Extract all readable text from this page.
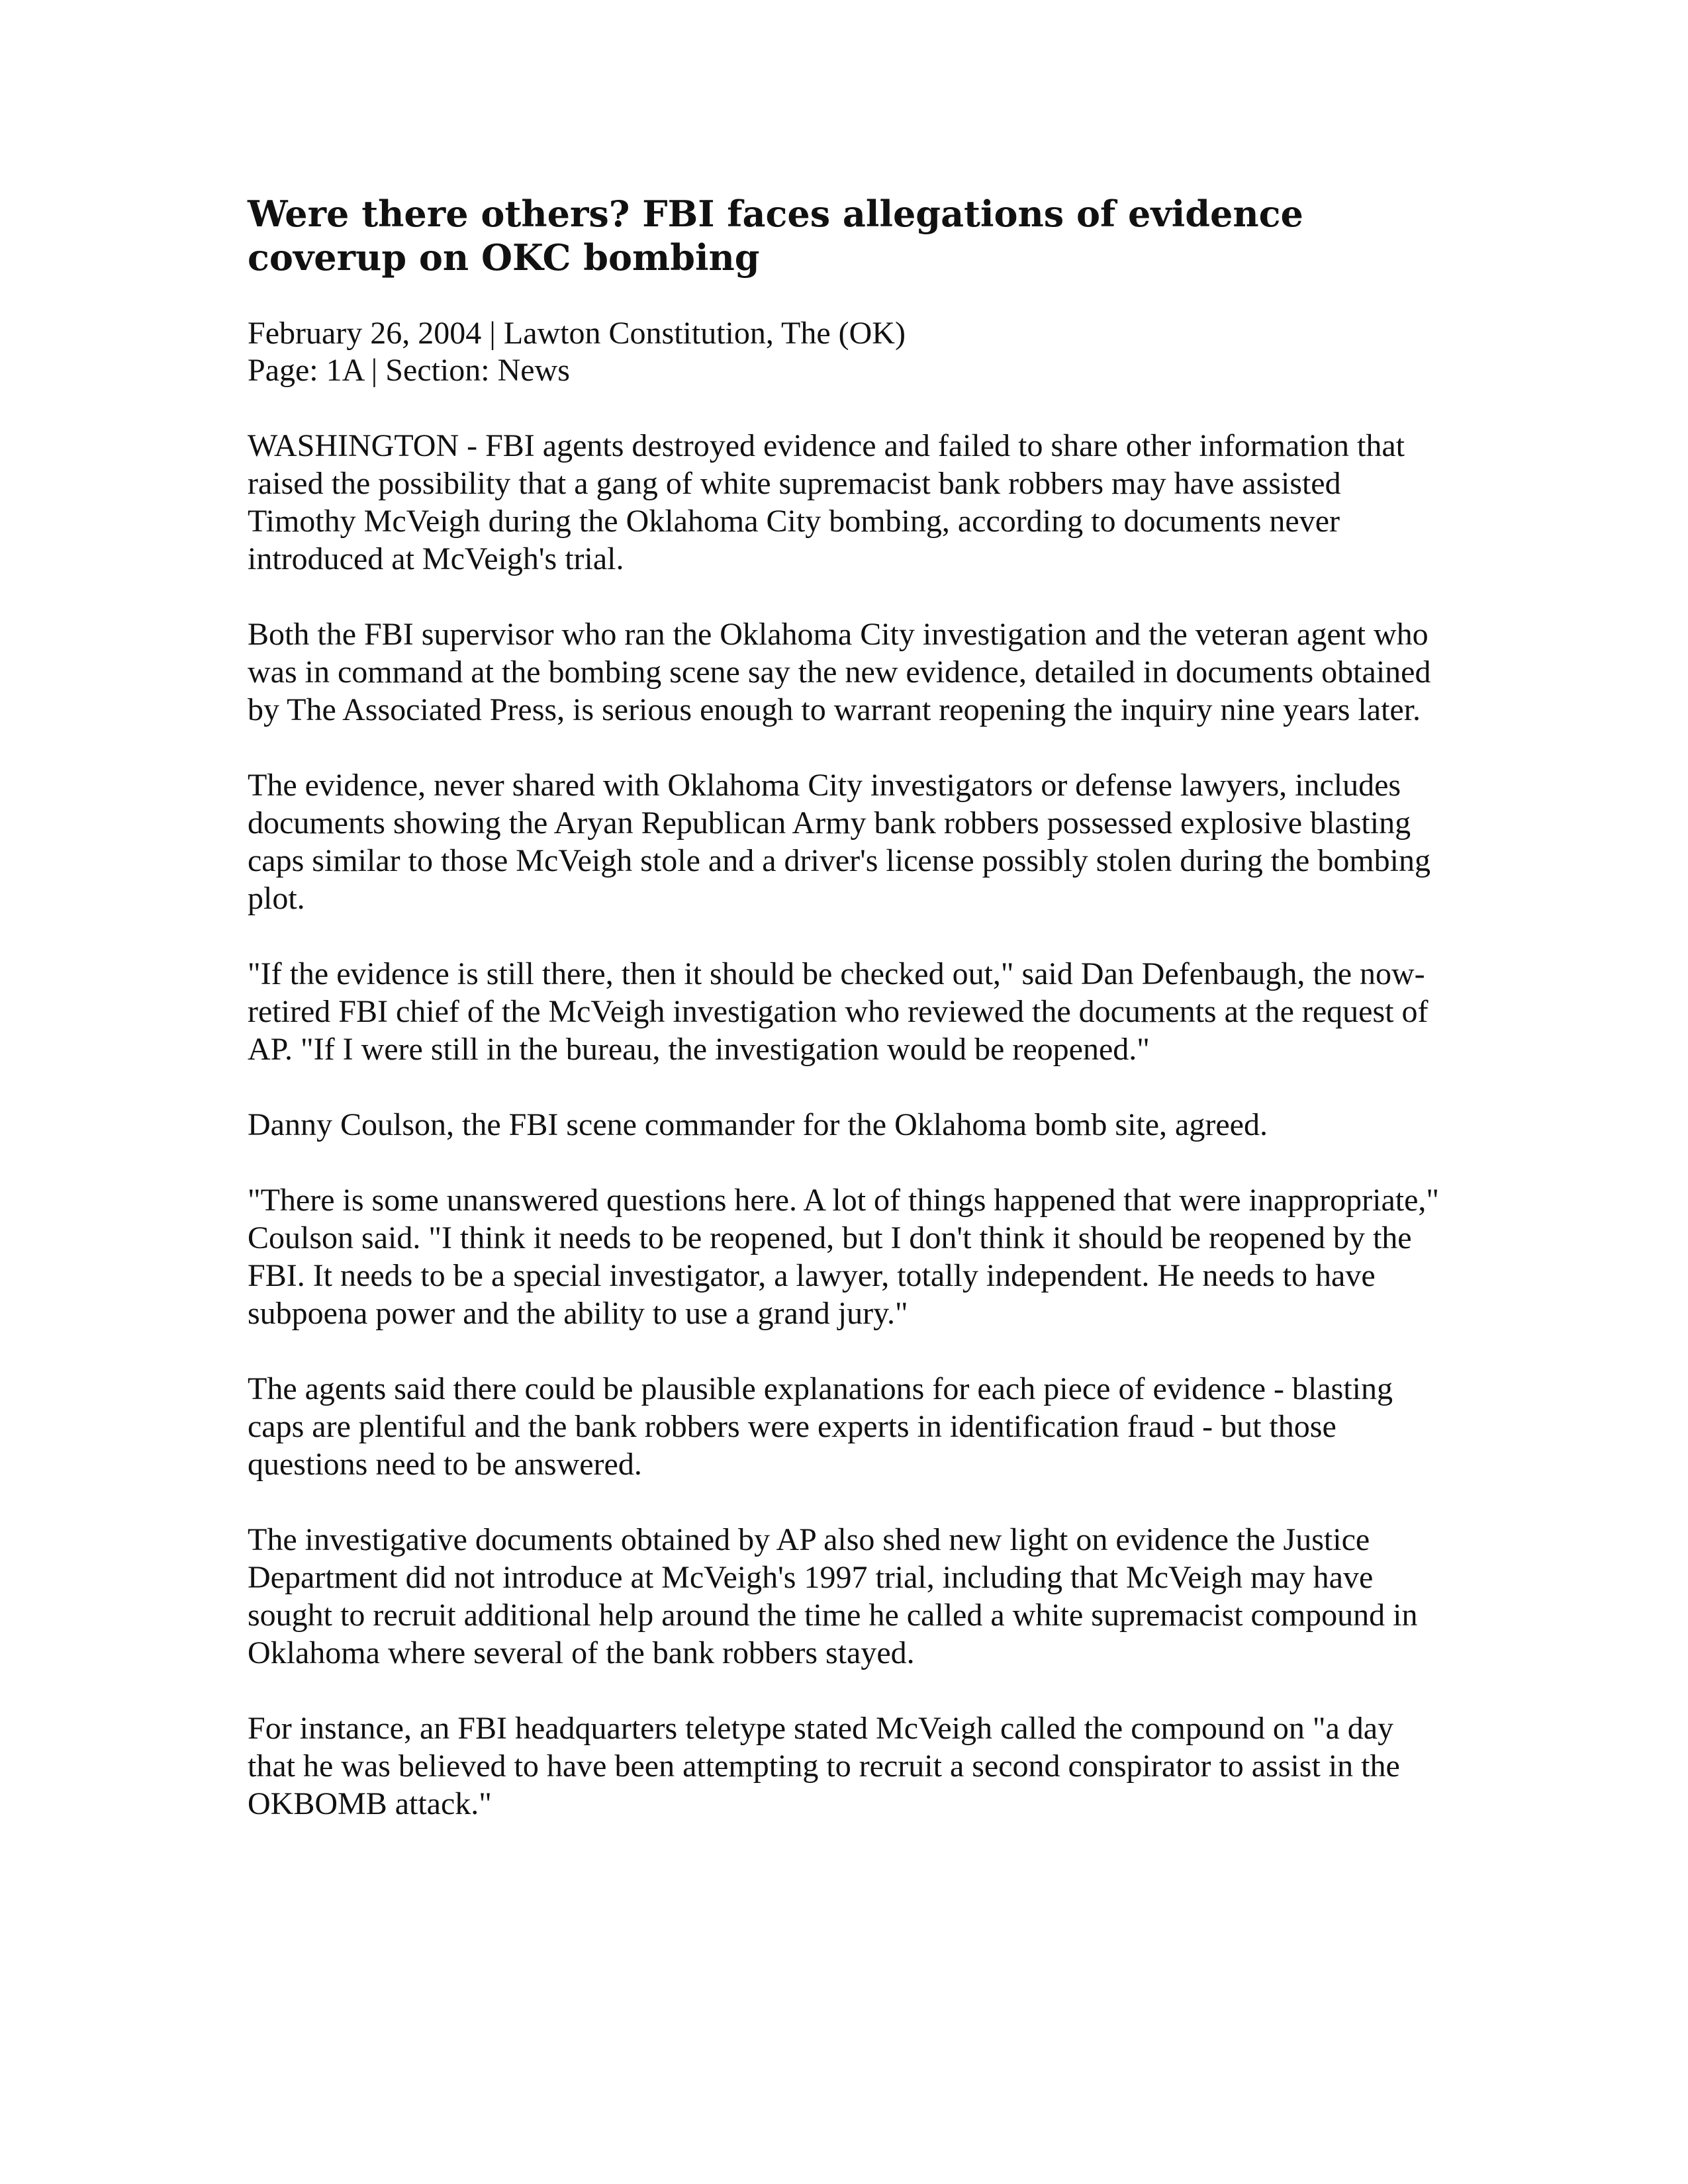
Were there others? FBI faces allegations of evidence coverup on OKC bombing
February 26, 2004 | Lawton Constitution, The (OK)
Page: 1A | Section: News

WASHINGTON - FBI agents destroyed evidence and failed to share other information that raised the possibility that a gang of white supremacist bank robbers may have assisted Timothy McVeigh during the Oklahoma City bombing, according to documents never introduced at McVeigh's trial.

Both the FBI supervisor who ran the Oklahoma City investigation and the veteran agent who was in command at the bombing scene say the new evidence, detailed in documents obtained by The Associated Press, is serious enough to warrant reopening the inquiry nine years later.

The evidence, never shared with Oklahoma City investigators or defense lawyers, includes documents showing the Aryan Republican Army bank robbers possessed explosive blasting caps similar to those McVeigh stole and a driver's license possibly stolen during the bombing plot.

"If the evidence is still there, then it should be checked out," said Dan Defenbaugh, the now-retired FBI chief of the McVeigh investigation who reviewed the documents at the request of AP. "If I were still in the bureau, the investigation would be reopened."

Danny Coulson, the FBI scene commander for the Oklahoma bomb site, agreed.

"There is some unanswered questions here. A lot of things happened that were inappropriate," Coulson said. "I think it needs to be reopened, but I don't think it should be reopened by the FBI. It needs to be a special investigator, a lawyer, totally independent. He needs to have subpoena power and the ability to use a grand jury."

The agents said there could be plausible explanations for each piece of evidence - blasting caps are plentiful and the bank robbers were experts in identification fraud - but those questions need to be answered.

The investigative documents obtained by AP also shed new light on evidence the Justice Department did not introduce at McVeigh's 1997 trial, including that McVeigh may have sought to recruit additional help around the time he called a white supremacist compound in Oklahoma where several of the bank robbers stayed.

For instance, an FBI headquarters teletype stated McVeigh called the compound on "a day that he was believed to have been attempting to recruit a second conspirator to assist in the OKBOMB attack."
